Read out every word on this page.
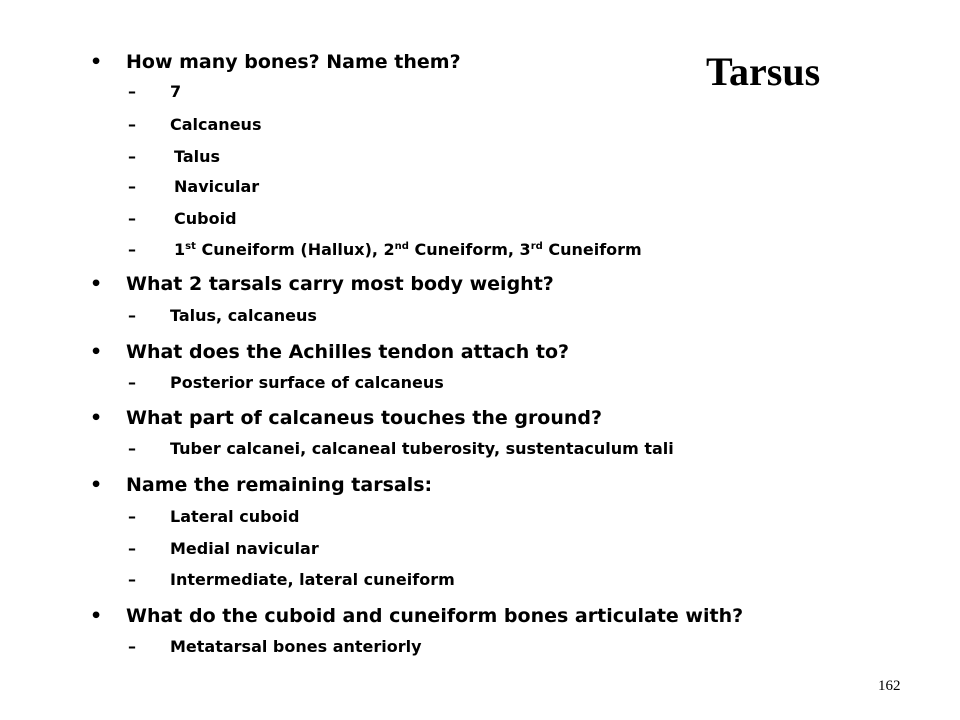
Tarsus
•	How many bones? Name them?
– 7
– Calcaneus
– Talus
– Navicular
– Cuboid
– 1st Cuneiform (Hallux), 2nd Cuneiform, 3rd Cuneiform
•	What 2 tarsals carry most body weight?
– Talus, calcaneus
•	What does the Achilles tendon attach to?
– Posterior surface of calcaneus
•	What part of calcaneus touches the ground?
– Tuber calcanei, calcaneal tuberosity, sustentaculum tali
•	Name the remaining tarsals:
– Lateral cuboid
– Medial navicular
– Intermediate, lateral cuneiform
•	What do the cuboid and cuneiform bones articulate with?
– Metatarsal bones anteriorly
162
